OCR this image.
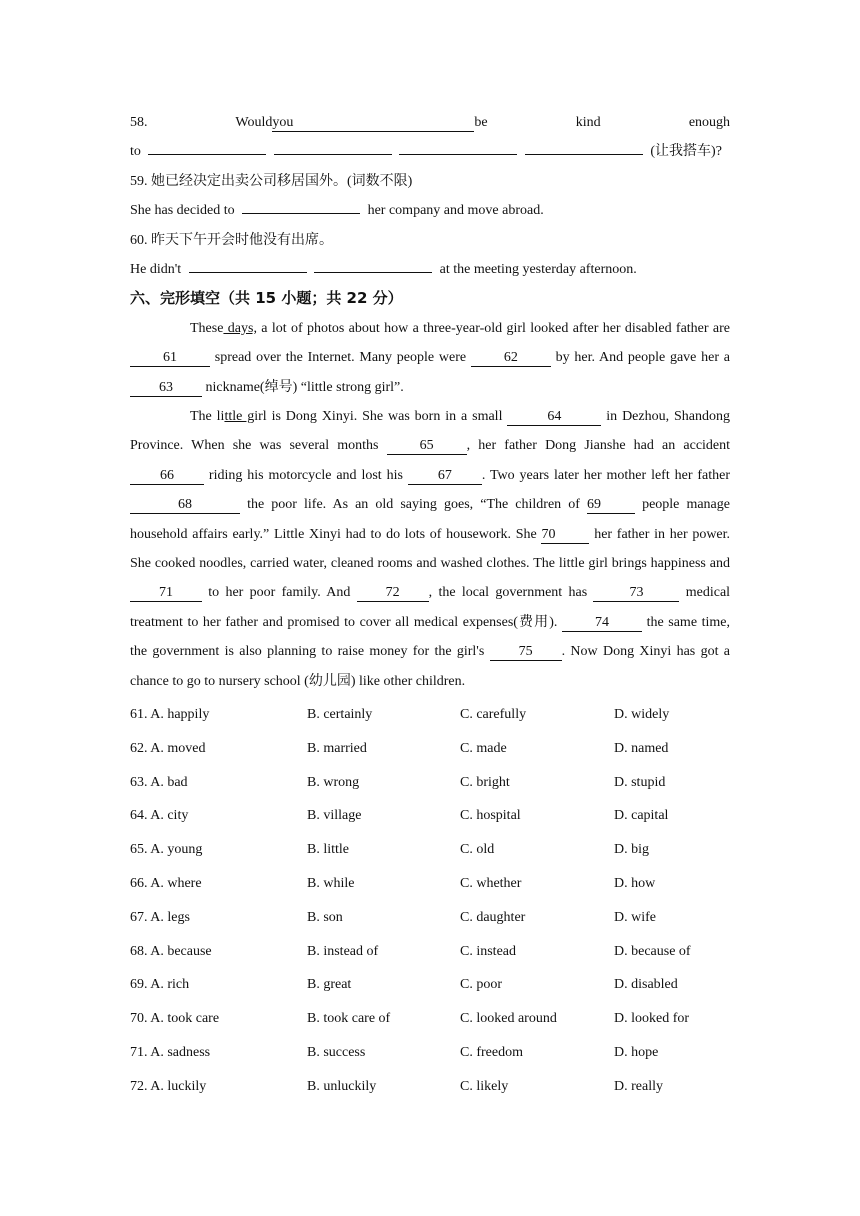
58.	Wouldyou	be	kind	enough
to	(让我搭车)?
59. 她已经决定出卖公司移居国外。(词数不限)
She has decided to	her company and move abroad.
60. 昨天下午开会时他没有出席。
He didn't	at the meeting yesterday afternoon.
六、完形填空（共 15 小题；共 22 分）

These days, a lot of photos about how a three-year-old girl looked after her disabled father are 61	spread over the Internet. Many people were	62	by her. And people gave her a 63 nickname(绰号) “little strong girl”.

The little girl is Dong Xinyi. She was born in a small	64	in Dezhou, Shandong Province. When she was several months	65 , her father Dong Jianshe had an accident 66 riding his motorcycle and lost his 67 . Two years later her mother left her father 68	the poor life. As an old saying goes, “The children of 69	people manage household affairs early.” Little Xinyi had to do lots of housework. She 70	her father in her power. She cooked noodles, carried water, cleaned rooms and washed clothes. The little girl brings happiness and 71	to her poor family. And	72 , the local government has	73	medical treatment to her father and promised to cover all medical expenses(费用).	74	the same time, the government is also planning to raise money for the girl's 75 . Now Dong Xinyi has got a chance to go to nursery school (幼儿园) like other children.

61. A. happily	B. certainly	C. carefully	D. widely
62. A. moved	B. married	C. made	D. named
63. A. bad	B. wrong	C. bright	D. stupid
64. A. city	B. village	C. hospital	D. capital
65. A. young	B. little	C. old	D. big
66. A. where	B. while	C. whether	D. how
67. A. legs	B. son	C. daughter	D. wife
68. A. because	B. instead of	C. instead	D. because of
69. A. rich	B. great	C. poor	D. disabled
70. A. took care	B. took care of	C. looked around	D. looked for
71. A. sadness	B. success	C. freedom	D. hope
72. A. luckily	B. unluckily	C. likely	D. really
